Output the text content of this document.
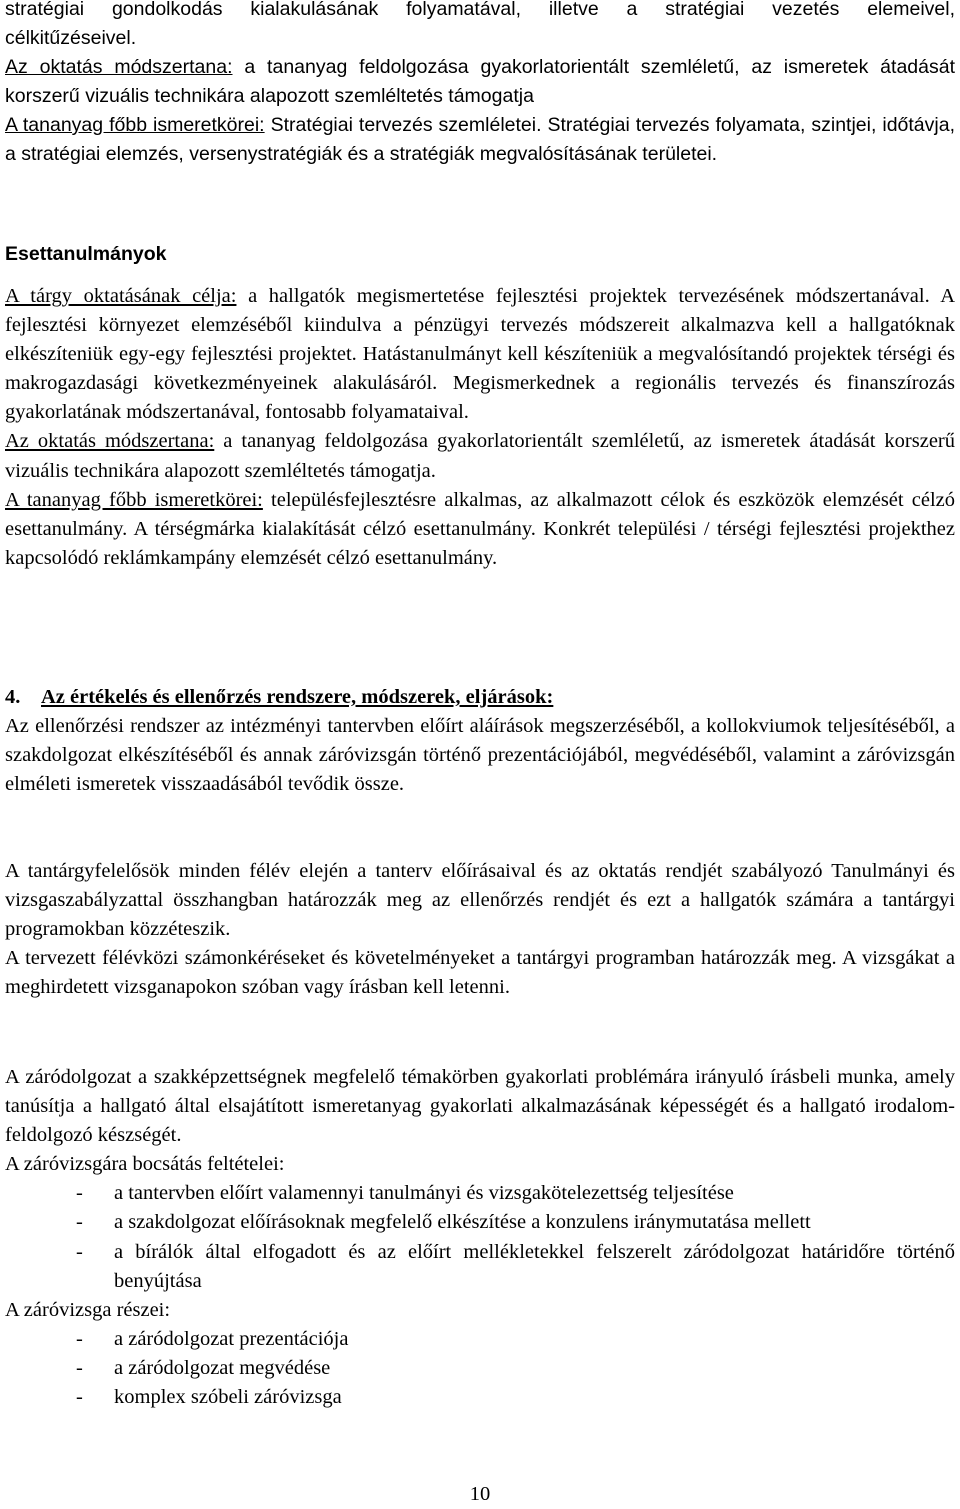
stratégiai gondolkodás kialakulásának folyamatával, illetve a stratégiai vezetés elemeivel,
célkitűzéseivel.
Az oktatás módszertana: a tananyag feldolgozása gyakorlatorientált szemléletű, az ismeretek átadását korszerű vizuális technikára alapozott szemléltetés támogatja
A tananyag főbb ismeretkörei: Stratégiai tervezés szemléletei. Stratégiai tervezés folyamata, szintjei, időtávja, a stratégiai elemzés, versenystratégiák és a stratégiák megvalósításának területei.
Esettanulmányok
A tárgy oktatásának célja: a hallgatók megismertetése fejlesztési projektek tervezésének módszertanával. A fejlesztési környezet elemzéséből kiindulva a pénzügyi tervezés módszereit alkalmazva kell a hallgatóknak elkészíteniük egy-egy fejlesztési projektet. Hatástanulmányt kell készíteniük a megvalósítandó projektek térségi és makrogazdasági következményeinek alakulásáról. Megismerkednek a regionális tervezés és finanszírozás gyakorlatának módszertanával, fontosabb folyamataival.
Az oktatás módszertana: a tananyag feldolgozása gyakorlatorientált szemléletű, az ismeretek átadását korszerű vizuális technikára alapozott szemléltetés támogatja.
A tananyag főbb ismeretkörei: településfejlesztésre alkalmas, az alkalmazott célok és eszközök elemzését célzó esettanulmány. A térségmárka kialakítását célzó esettanulmány. Konkrét települési / térségi fejlesztési projekthez kapcsolódó reklámkampány elemzését célzó esettanulmány.
4. Az értékelés és ellenőrzés rendszere, módszerek, eljárások:
Az ellenőrzési rendszer az intézményi tantervben előírt aláírások megszerzéséből, a kollokviumok teljesítéséből, a szakdolgozat elkészítéséből és annak záróvizsgán történő prezentációjából, megvédéséből, valamint a záróvizsgán elméleti ismeretek visszaadásából tevődik össze.
A tantárgyfelelősök minden félév elején a tanterv előírásaival és az oktatás rendjét szabályozó Tanulmányi és vizsgaszabályzattal összhangban határozzák meg az ellenőrzés rendjét és ezt a hallgatók számára a tantárgyi programokban közzéteszik.
A tervezett félévközi számonkéréseket és követelményeket a tantárgyi programban határozzák meg. A vizsgákat a meghirdetett vizsganapokon szóban vagy írásban kell letenni.
A záródolgozat a szakképzettségnek megfelelő témakörben gyakorlati problémára irányuló írásbeli munka, amely tanúsítja a hallgató által elsajátított ismeretanyag gyakorlati alkalmazásának képességét és a hallgató irodalom-feldolgozó készségét.
A záróvizsgára bocsátás feltételei:
- a tantervben előírt valamennyi tanulmányi és vizsgakötelezettség teljesítése
- a szakdolgozat előírásoknak megfelelő elkészítése a konzulens iránymutatása mellett
- a bírálók által elfogadott és az előírt mellékletekkel felszerelt záródolgozat határidőre történő benyújtása
A záróvizsga részei:
- a záródolgozat prezentációja
- a záródolgozat megvédése
- komplex szóbeli záróvizsga
10
